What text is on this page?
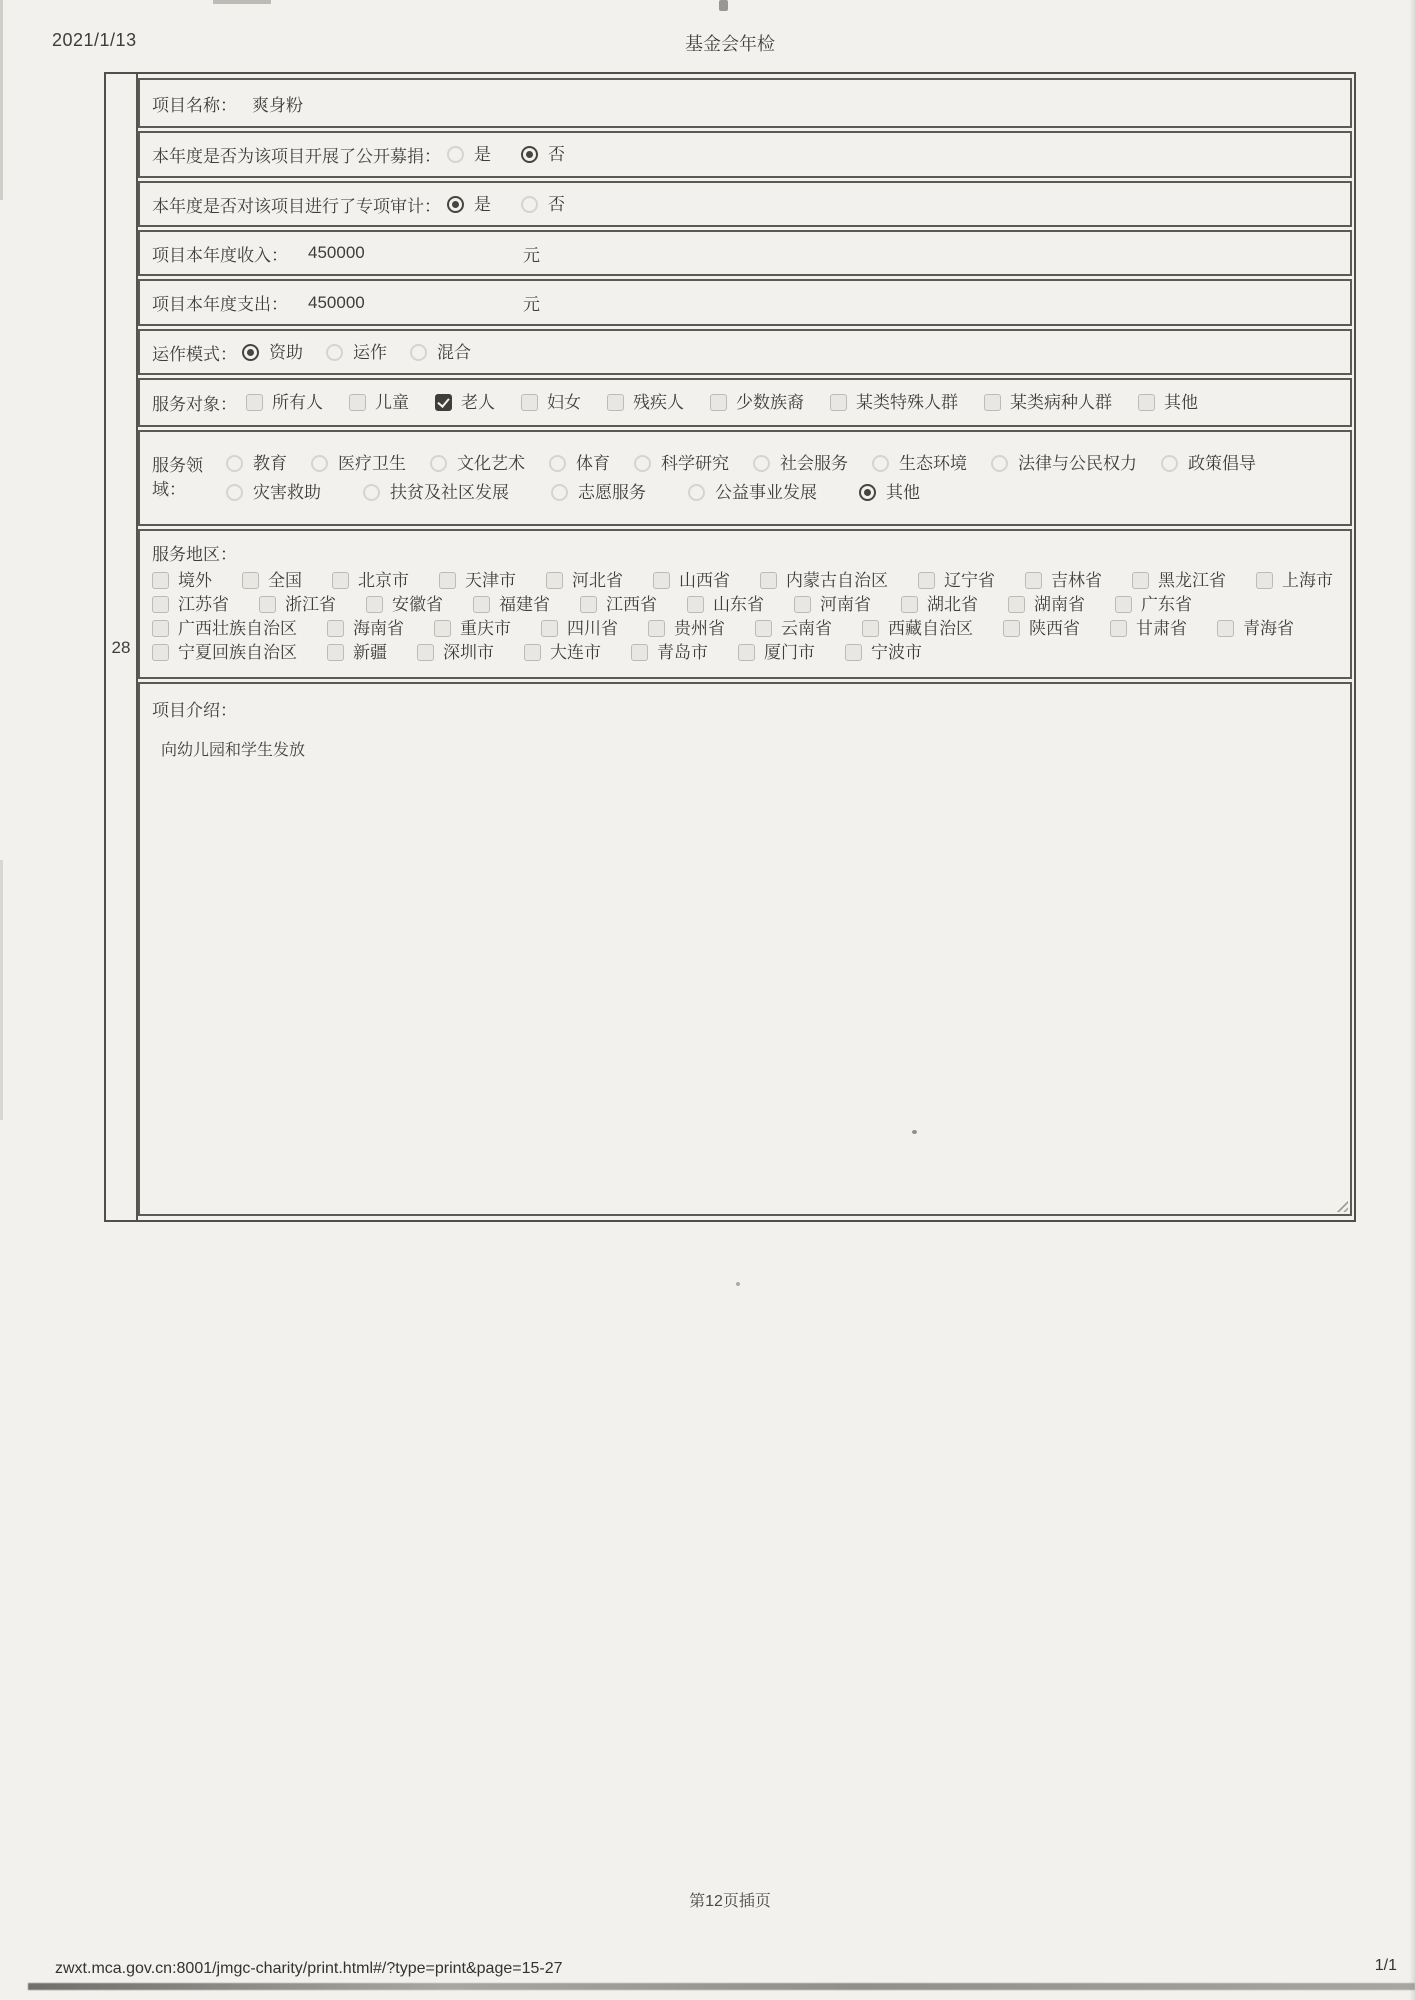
2021/1/13	基金会年检
28
项目名称： 爽身粉
本年度是否为该项目开展了公开募捐： 是	否
本年度是否对该项目进行了专项审计： 是	否
项目本年度收入： 450000	元
项目本年度支出： 450000	元
运作模式： 资助	运作	混合
服务对象： 所有人	儿童	老人	妇女	残疾人	少数族裔	某类特殊人群	某类病种人群	其他
服务领
域：
教育	医疗卫生	文化艺术	体育	科学研究	社会服务	生态环境	法律与公民权力	政策倡导
灾害救助	扶贫及社区发展	志愿服务	公益事业发展	其他
服务地区：
境外	全国	北京市	天津市	河北省	山西省	内蒙古自治区	辽宁省	吉林省	黑龙江省	上海市
江苏省	浙江省	安徽省	福建省	江西省	山东省	河南省	湖北省	湖南省	广东省
广西壮族自治区	海南省	重庆市	四川省	贵州省	云南省	西藏自治区	陕西省	甘肃省	青海省
宁夏回族自治区	新疆	深圳市	大连市	青岛市	厦门市	宁波市
项目介绍：
向幼儿园和学生发放
第12页插页
zwxt.mca.gov.cn:8001/jmgc-charity/print.html#/?type=print&page=15-27	1/1
